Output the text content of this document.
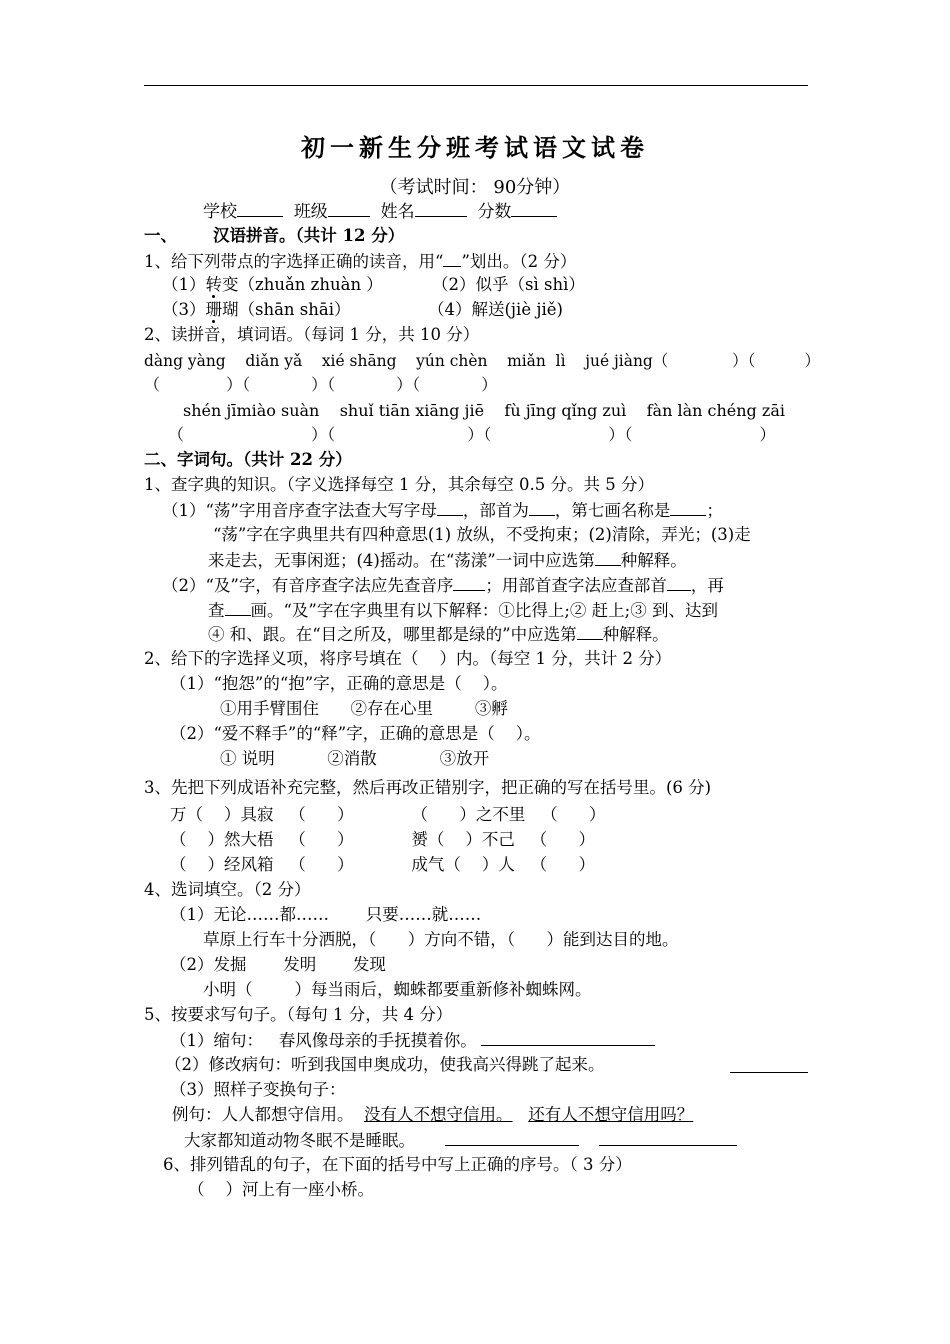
初一新生分班考试语文试卷
（考试时间： 90分钟）
学校	班级	姓名	分数
一、 汉语拼音。（共计 12 分）
1、给下列带点的字选择正确的读音，用“ ”划出。（2 分）
（1）转变（zhuǎn zhuàn ）	（2）似乎（sì shì）
（3）珊瑚（shān shāi）	（4）解送(jiè jiě)
2、读拼音，填词语。（每词 1 分，共 10 分）
dàng yàng    diǎn yǎ    xié shāng    yún chèn    miǎn  lì    jué jiàng（             ）（          ）
（             ）（            ）（            ）（            ）
shén jīmiào suàn    shuǐ tiān xiāng jiē    fù jīng qǐng zuì    fàn làn chéng zāi
（                         ）（                          ）（                       ）（                         ）
二、字词句。（共计 22 分）
1、查字典的知识。（字义选择每空 1 分，其余每空 0.5 分。共 5 分）
（1）“荡”字用音序查字法查大写字母 ，部首为 ，第七画名称是 ；
“荡”字在字典里共有四种意思(1) 放纵，不受拘束；(2)清除，弄光；(3)走
来走去，无事闲逛；(4)摇动。在“荡漾”一词中应选第 种解释。
（2）“及”字，有音序查字法应先查音序 ；用部首查字法应查部首 ，再
查 画。“及”字在字典里有以下解释：①比得上;② 赶上;③ 到、达到
④ 和、跟。在“目之所及，哪里都是绿的”中应选第 种解释。
2、给下的字选择义项，将序号填在（    ）内。（每空 1 分，共计 2 分）
（1）“抱怨”的“抱”字，正确的意思是（    ）。
①用手臂围住      ②存在心里        ③孵
（2）“爱不释手”的“释”字，正确的意思是（    ）。
① 说明          ②消散            ③放开
3、先把下列成语补充完整，然后再改正错别字，把正确的写在括号里。(6 分)
万（    ）具寂   （      ）           （      ）之不里   （      ）
（    ）然大梧   （      ）           赟（    ）不己   （      ）
（    ）经风箱   （      ）           成气（    ）人   （      ）
4、选词填空。（2 分）
（1）无论……都……       只要……就……
草原上行车十分洒脱，（      ）方向不错，（      ）能到达目的地。
（2）发掘       发明       发现
小明（        ）每当雨后，蜘蛛都要重新修补蜘蛛网。
5、按要求写句子。（每句 1 分，共 4 分）
（1）缩句：   春风像母亲的手抚摸着你。
（2）修改病句：听到我国申奥成功，使我高兴得跳了起来。
（3）照样子变换句子：
例句：人人都想守信用。  没有人不想守信用。 还有人不想守信用吗？
大家都知道动物冬眠不是睡眠。
6、排列错乱的句子，在下面的括号中写上正确的序号。（ 3 分）
（    ）河上有一座小桥。
